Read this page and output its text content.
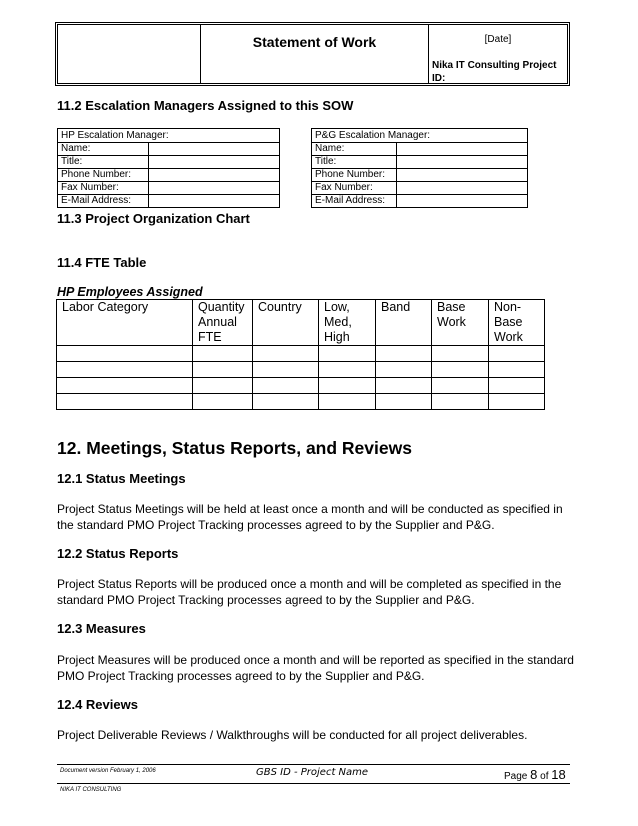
Statement of Work	[Date]
Nika IT Consulting Project ID:
11.2 Escalation Managers Assigned to this SOW
HP Escalation Manager:	
Name:	
Title:	
Phone Number:	
Fax Number:	
E-Mail Address:	
P&G Escalation Manager:	
Name:	
Title:	
Phone Number:	
Fax Number:	
E-Mail Address:	
11.3 Project Organization Chart
11.4 FTE Table
HP Employees Assigned
Labor Category	Quantity Annual FTE	Country	Low, Med, High	Band	Base Work	Non-Base Work

12. Meetings, Status Reports, and Reviews
12.1 Status Meetings

Project Status Meetings will be held at least once a month and will be conducted as specified in the standard PMO Project Tracking processes agreed to by the Supplier and P&G.

12.2 Status Reports

Project Status Reports will be produced once a month and will be completed as specified in the standard PMO Project Tracking processes agreed to by the Supplier and P&G.

12.3 Measures

Project Measures will be produced once a month and will be reported as specified in the standard PMO Project Tracking processes agreed to by the Supplier and P&G.

12.4 Reviews

Project Deliverable Reviews / Walkthroughs will be conducted for all project deliverables.

Document version February 1, 2006	GBS ID - Project Name	Page 8 of 18
NIKA IT CONSULTING
